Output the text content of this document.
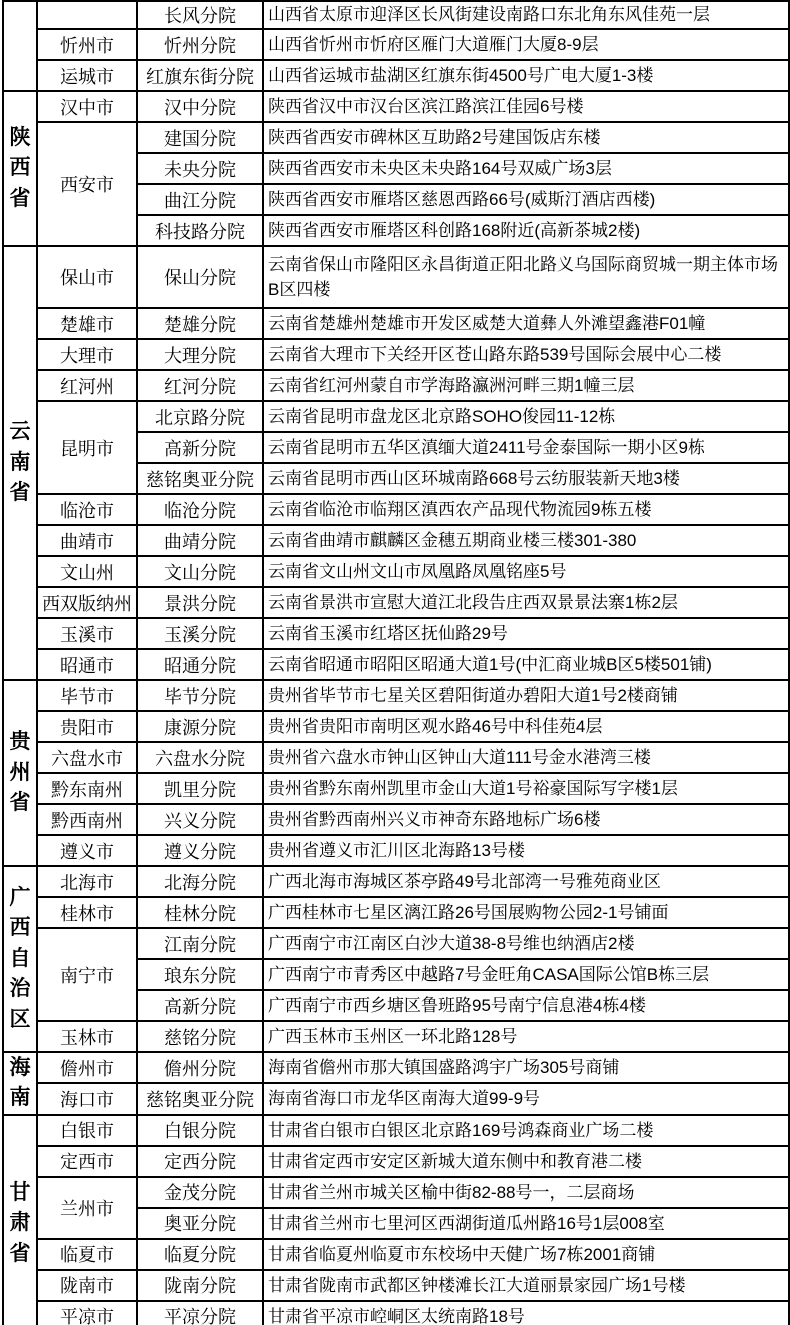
		长风分院	山西省太原市迎泽区长风街建设南路口东北角东风佳苑一层
	忻州市	忻州分院	山西省忻州市忻府区雁门大道雁门大厦8-9层
	运城市	红旗东街分院	山西省运城市盐湖区红旗东街4500号广电大厦1-3楼
陕西省	汉中市	汉中分院	陕西省汉中市汉台区滨江路滨江佳园6号楼
	西安市	建国分院	陕西省西安市碑林区互助路2号建国饭店东楼
		未央分院	陕西省西安市未央区未央路164号双威广场3层
		曲江分院	陕西省西安市雁塔区慈恩西路66号(威斯汀酒店西楼)
		科技路分院	陕西省西安市雁塔区科创路168附近(高新茶城2楼)
云南省	保山市	保山分院	云南省保山市隆阳区永昌街道正阳北路义乌国际商贸城一期主体市场B区四楼
	楚雄市	楚雄分院	云南省楚雄州楚雄市开发区威楚大道彝人外滩望鑫港F01幢
	大理市	大理分院	云南省大理市下关经开区苍山路东路539号国际会展中心二楼
	红河州	红河分院	云南省红河州蒙自市学海路瀛洲河畔三期1幢三层
	昆明市	北京路分院	云南省昆明市盘龙区北京路SOHO俊园11-12栋
		高新分院	云南省昆明市五华区滇缅大道2411号金泰国际一期小区9栋
		慈铭奥亚分院	云南省昆明市西山区环城南路668号云纺服装新天地3楼
	临沧市	临沧分院	云南省临沧市临翔区滇西农产品现代物流园9栋五楼
	曲靖市	曲靖分院	云南省曲靖市麒麟区金穗五期商业楼三楼301-380
	文山州	文山分院	云南省文山州文山市凤凰路凤凰铭座5号
	西双版纳州	景洪分院	云南省景洪市宣慰大道江北段告庄西双景景法寨1栋2层
	玉溪市	玉溪分院	云南省玉溪市红塔区抚仙路29号
	昭通市	昭通分院	云南省昭通市昭阳区昭通大道1号(中汇商业城B区5楼501铺)
贵州省	毕节市	毕节分院	贵州省毕节市七星关区碧阳街道办碧阳大道1号2楼商铺
	贵阳市	康源分院	贵州省贵阳市南明区观水路46号中科佳苑4层
	六盘水市	六盘水分院	贵州省六盘水市钟山区钟山大道111号金水港湾三楼
	黔东南州	凯里分院	贵州省黔东南州凯里市金山大道1号裕豪国际写字楼1层
	黔西南州	兴义分院	贵州省黔西南州兴义市神奇东路地标广场6楼
	遵义市	遵义分院	贵州省遵义市汇川区北海路13号楼
广西自治区	北海市	北海分院	广西北海市海城区茶亭路49号北部湾一号雅苑商业区
	桂林市	桂林分院	广西桂林市七星区漓江路26号国展购物公园2-1号铺面
	南宁市	江南分院	广西南宁市江南区白沙大道38-8号维也纳酒店2楼
		琅东分院	广西南宁市青秀区中越路7号金旺角CASA国际公馆B栋三层
		高新分院	广西南宁市西乡塘区鲁班路95号南宁信息港4栋4楼
	玉林市	慈铭分院	广西玉林市玉州区一环北路128号
海南	儋州市	儋州分院	海南省儋州市那大镇国盛路鸿宇广场305号商铺
	海口市	慈铭奥亚分院	海南省海口市龙华区南海大道99-9号
甘肃省	白银市	白银分院	甘肃省白银市白银区北京路169号鸿森商业广场二楼
	定西市	定西分院	甘肃省定西市安定区新城大道东侧中和教育港二楼
	兰州市	金茂分院	甘肃省兰州市城关区榆中街82-88号一，二层商场
		奥亚分院	甘肃省兰州市七里河区西湖街道瓜州路16号1层008室
	临夏市	临夏分院	甘肃省临夏州临夏市东校场中天健广场7栋2001商铺
	陇南市	陇南分院	甘肃省陇南市武都区钟楼滩长江大道丽景家园广场1号楼
	平凉市	平凉分院	甘肃省平凉市崆峒区太统南路18号
